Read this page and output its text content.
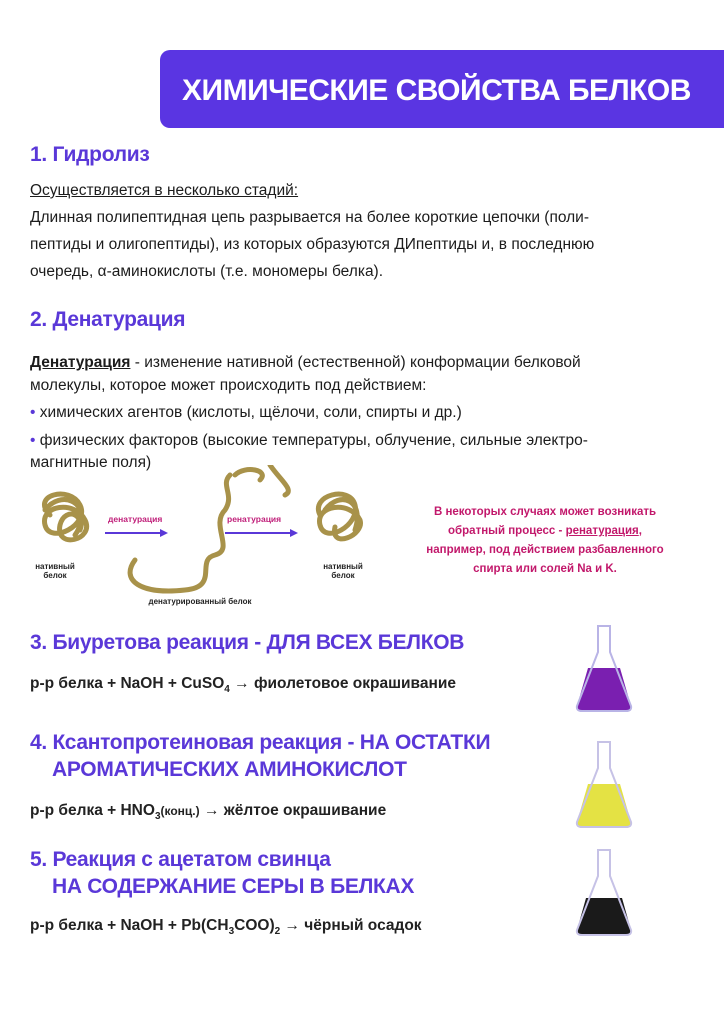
ХИМИЧЕСКИЕ СВОЙСТВА БЕЛКОВ
1. Гидролиз
Осуществляется в несколько стадий:
Длинная полипептидная цепь разрывается на более короткие цепочки (поли-
пептиды и олигопептиды), из которых образуются ДИпептиды и, в последнюю
очередь, α-аминокислоты (т.е. мономеры белка).
2. Денатурация
Денатурация - изменение нативной (естественной) конформации белковой
молекулы, которое может происходить под действием:
• химических агентов (кислоты, щёлочи, соли, спирты и др.)
• физических факторов (высокие температуры, облучение, сильные электро-
магнитные поля)
денатурация	ренатурация
нативный белок
денатурированный белок
нативный белок
В некоторых случаях может возникать
обратный процесс - ренатурация,
например, под действием разбавленного
спирта или солей Na и K.
3. Биуретова реакция - ДЛЯ ВСЕХ БЕЛКОВ
р-р белка + NaOH + CuSO$_4$ → фиолетовое окрашивание
4. Ксантопротеиновая реакция - НА ОСТАТКИ
АРОМАТИЧЕСКИХ АМИНОКИСЛОТ
р-р белка + $HNO_3(конц.)$ → жёлтое окрашивание
5. Реакция с ацетатом свинца
НА СОДЕРЖАНИЕ СЕРЫ В БЕЛКАХ
р-р белка + NaOH + $Pb(CH_3COO)_2$ → чёрный осадок
